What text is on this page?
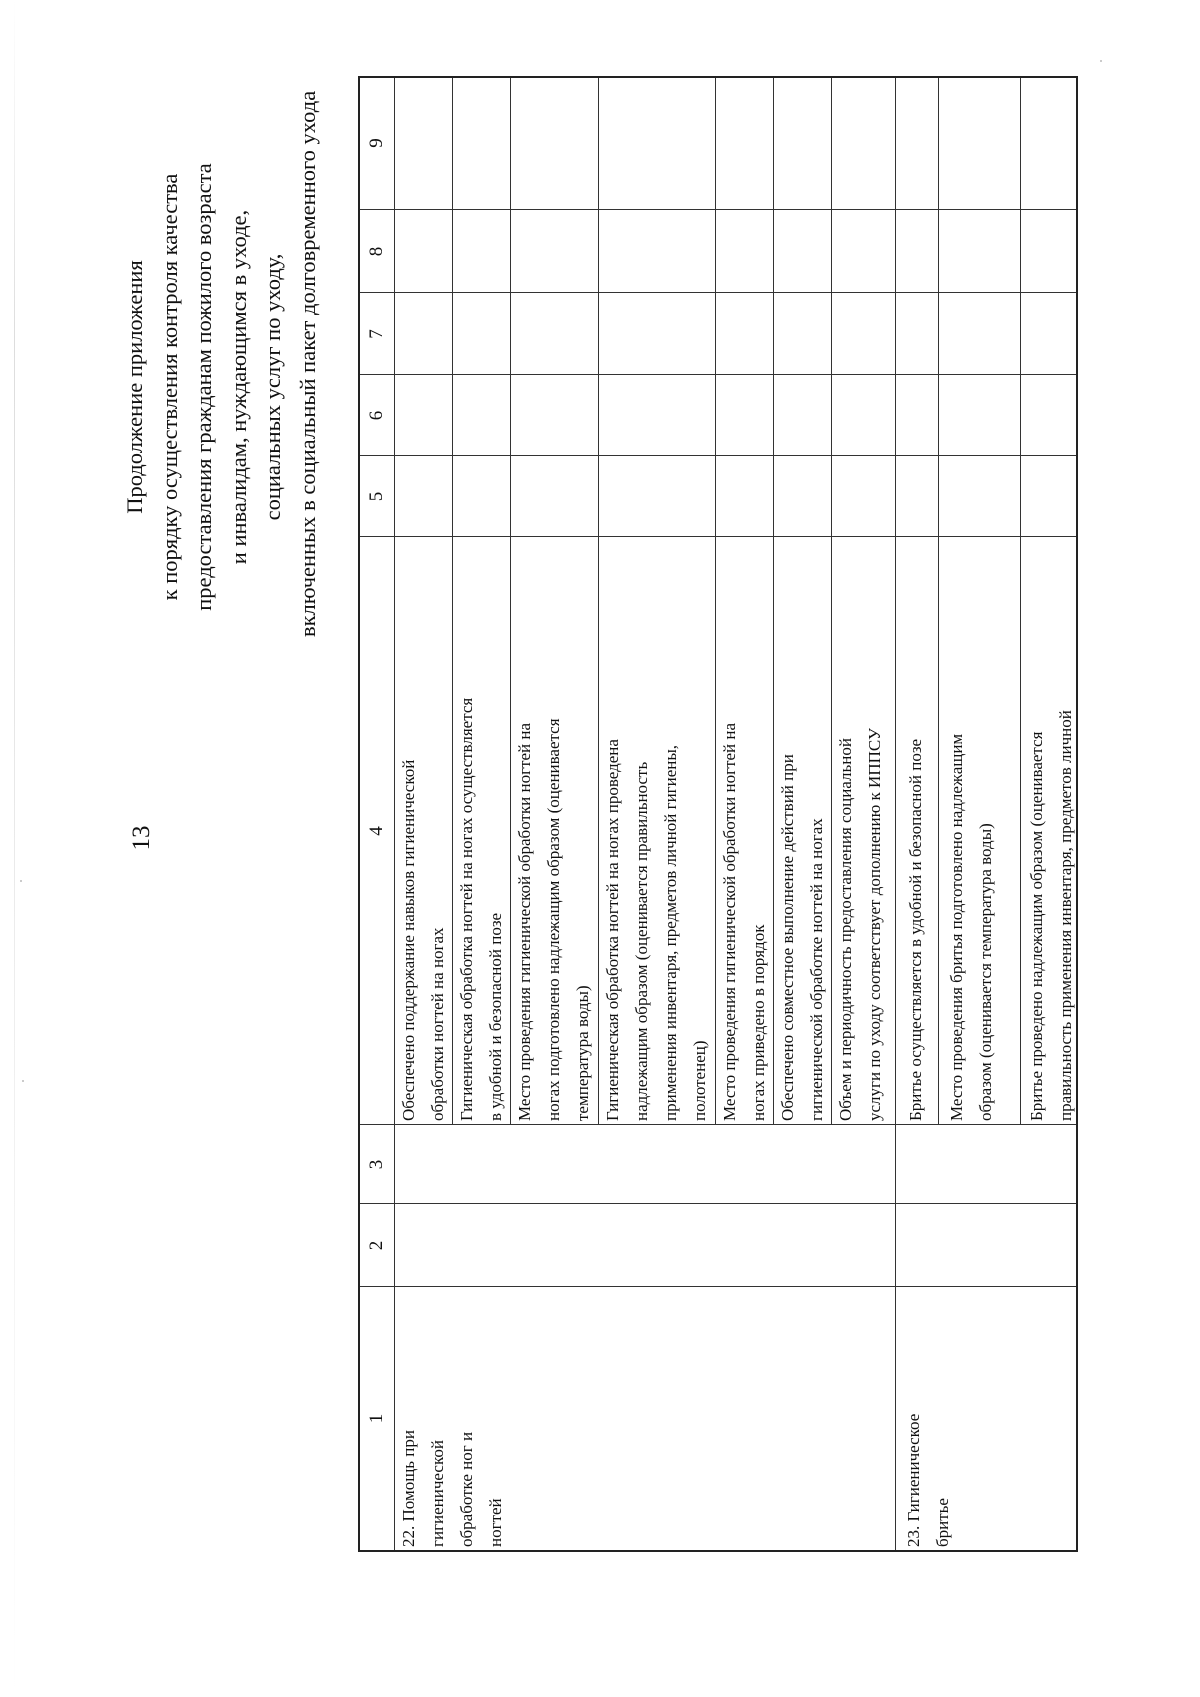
13
Продолжение приложения к порядку осуществления контроля качества предоставления гражданам пожилого возраста и инвалидам, нуждающимся в уходе, социальных услуг по уходу, включенных в социальный пакет долговременного ухода
1
2
3
4
5
6
7
8
9
22. Помощь при гигиенической обработке ног и ногтей
Обеспечено поддержание навыков гигиенической обработки ногтей на ногах Гигиеническая обработка ногтей на ногах осуществляется в удобной и безопасной позе Место проведения гигиенической обработки ногтей на ногах подготовлено надлежащим образом (оценивается температура воды) Гигиеническая обработка ногтей на ногах проведена надлежащим образом (оценивается правильность применения инвентаря, предметов личной гигиены, полотенец) Место проведения гигиенической обработки ногтей на ногах приведено в порядок Обеспечено совместное выполнение действий при гигиенической обработке ногтей на ногах Объем и периодичность предоставления социальной услуги по уходу соответствует дополнению к ИППСУ
23. Гигиеническое бритье
Бритье осуществляется в удобной и безопасной позе Место проведения бритья подготовлено надлежащим образом (оценивается температура воды) Бритье проведено надлежащим образом (оценивается правильность применения инвентаря, предметов личной
